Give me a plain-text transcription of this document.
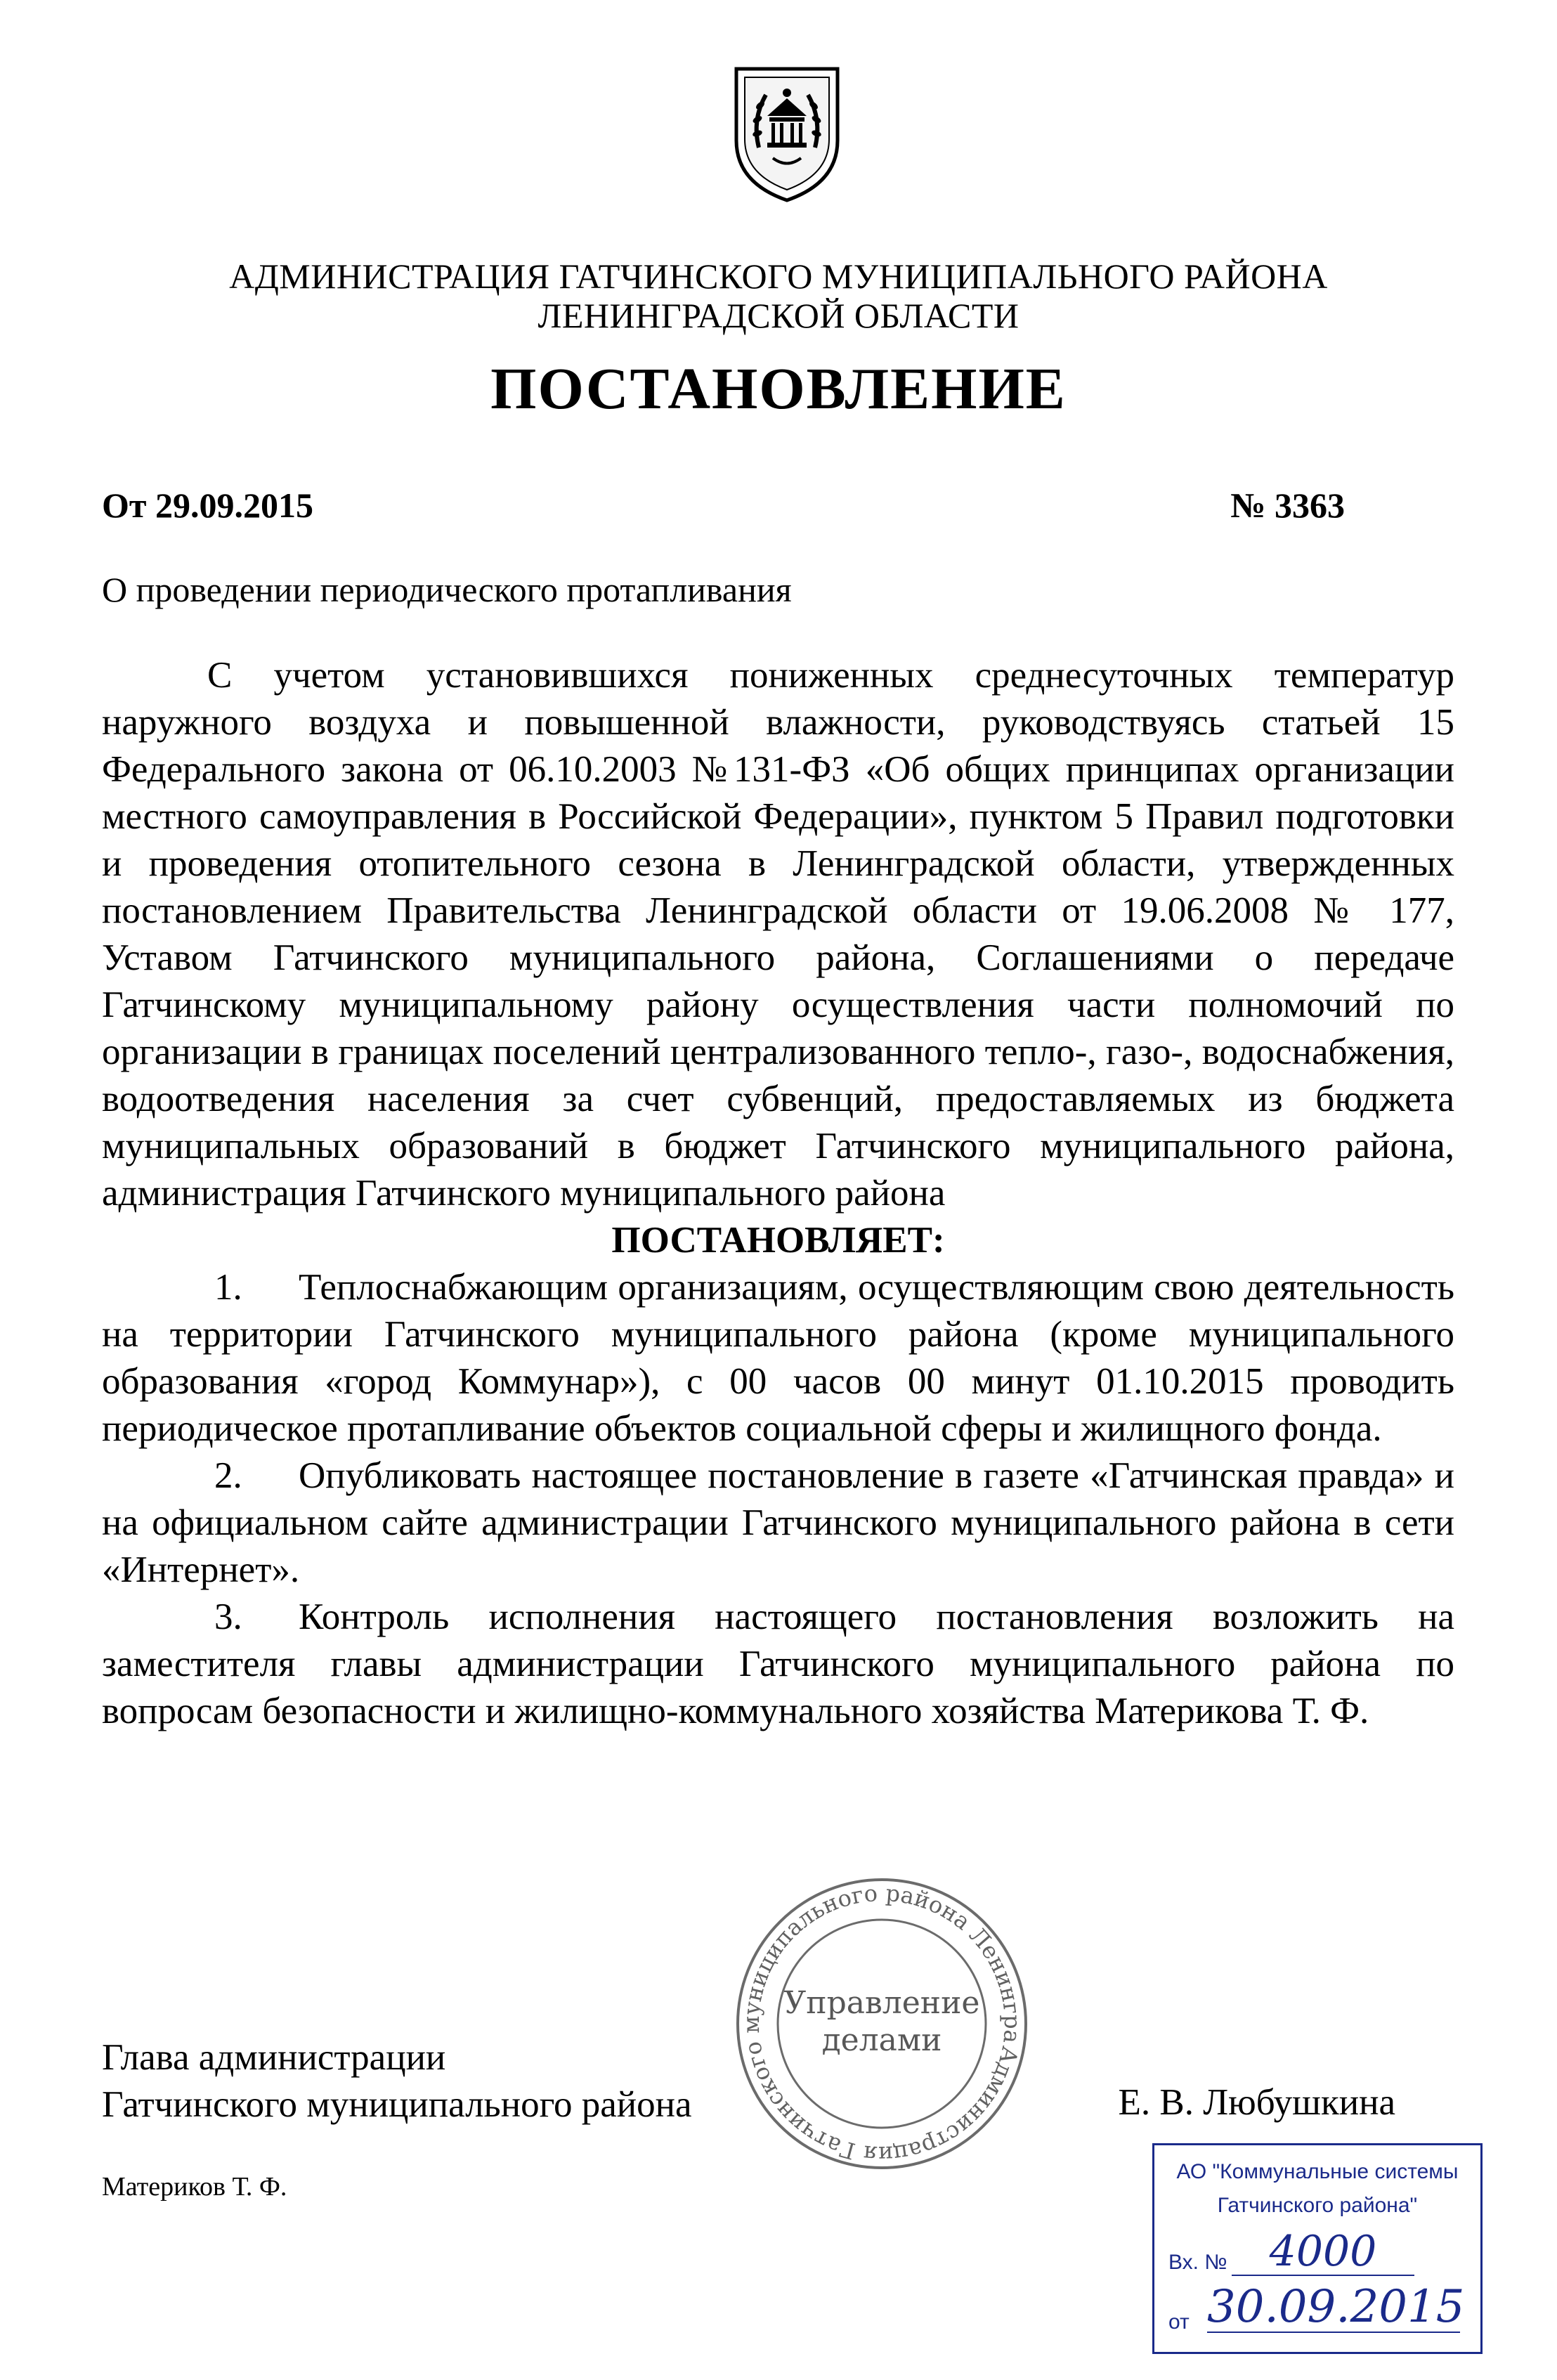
АДМИНИСТРАЦИЯ ГАТЧИНСКОГО МУНИЦИПАЛЬНОГО РАЙОНА
ЛЕНИНГРАДСКОЙ ОБЛАСТИ
ПОСТАНОВЛЕНИЕ
От 29.09.2015	№ 3363
О проведении периодического протапливания

С учетом установившихся пониженных среднесуточных температур наружного воздуха и повышенной влажности, руководствуясь статьей 15 Федерального закона от 06.10.2003 №131-ФЗ «Об общих принципах организации местного самоуправления в Российской Федерации», пунктом 5 Правил подготовки и проведения отопительного сезона в Ленинградской области, утвержденных постановлением Правительства Ленинградской области от 19.06.2008 № 177, Уставом Гатчинского муниципального района, Соглашениями о передаче Гатчинскому муниципальному району осуществления части полномочий по организации в границах поселений централизованного тепло-, газо-, водоснабжения, водоотведения населения за счет субвенций, предоставляемых из бюджета муниципальных образований в бюджет Гатчинского муниципального района, администрация Гатчинского муниципального района

ПОСТАНОВЛЯЕТ:

1. Теплоснабжающим организациям, осуществляющим свою деятельность на территории Гатчинского муниципального района (кроме муниципального образования «город Коммунар»), с 00 часов 00 минут 01.10.2015 проводить периодическое протапливание объектов социальной сферы и жилищного фонда.

2. Опубликовать настоящее постановление в газете «Гатчинская правда» и на официальном сайте администрации Гатчинского муниципального района в сети «Интернет».

3. Контроль исполнения настоящего постановления возложить на заместителя главы администрации Гатчинского муниципального района по вопросам безопасности и жилищно-коммунального хозяйства Материкова Т. Ф.

Администрация Гатчинского муниципального района Ленинградской
Управление
делами
Глава администрации
Гатчинского муниципального района	Е. В. Любушкина
Материков Т. Ф.
АО "Коммунальные системы
Гатчинского района"
Вх. №	4000
от 30.09.2015
